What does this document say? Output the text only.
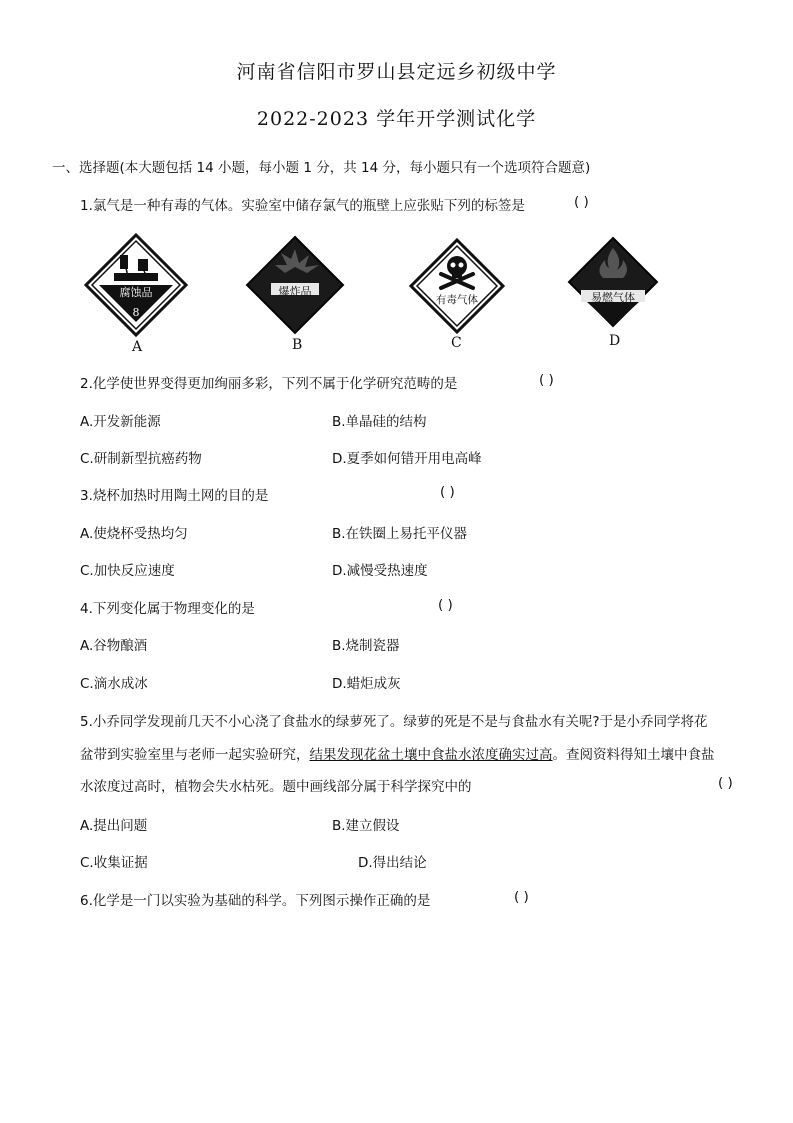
河南省信阳市罗山县定远乡初级中学
2022-2023 学年开学测试化学
一、选择题(本大题包括 14 小题，每小题 1 分，共 14 分，每小题只有一个选项符合题意)
1.氯气是一种有毒的气体。实验室中储存氯气的瓶壁上应张贴下列的标签是	( )
腐蚀品
8
A
爆炸品
B
有毒气体
C
易燃气体
D
2.化学使世界变得更加绚丽多彩，下列不属于化学研究范畴的是	( )
A.开发新能源	B.单晶硅的结构
C.研制新型抗癌药物	D.夏季如何错开用电高峰
3.烧杯加热时用陶土网的目的是	( )
A.使烧杯受热均匀	B.在铁圈上易托平仪器
C.加快反应速度	D.减慢受热速度
4.下列变化属于物理变化的是	( )
A.谷物酿酒	B.烧制瓷器
C.滴水成冰	D.蜡炬成灰
5.小乔同学发现前几天不小心浇了食盐水的绿萝死了。绿萝的死是不是与食盐水有关呢?于是小乔同学将花
盆带到实验室里与老师一起实验研究，结果发现花盆土壤中食盐水浓度确实过高。查阅资料得知土壤中食盐
水浓度过高时，植物会失水枯死。题中画线部分属于科学探究中的	( )
A.提出问题	B.建立假设
C.收集证据	D.得出结论
6.化学是一门以实验为基础的科学。下列图示操作正确的是	( )
